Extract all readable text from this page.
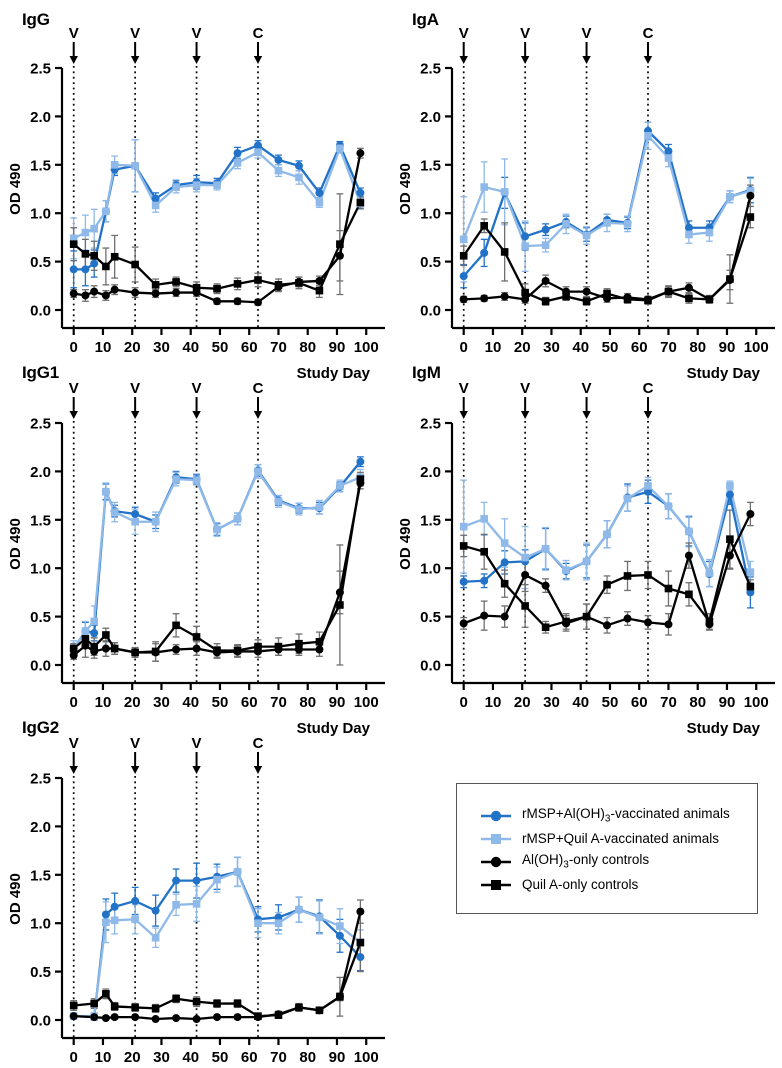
IgG
V	V	V	C
0.0
0.5
1.0
1.5
2.0
2.5
0 10 20 30 40 50 60 70 80 90 100
OD 490
Study Day
IgA
V	V	V	C
0.0
0.5
1.0
1.5
2.0
2.5
0 10 20 30 40 50 60 70 80 90 100
OD 490
Study Day
IgG1
V	V	V	C
0.0
0.5
1.0
1.5
2.0
2.5
0 10 20 30 40 50 60 70 80 90 100
OD 490
Study Day
IgM
V	V	V	C
0.0
0.5
1.0
1.5
2.0
2.5
0 10 20 30 40 50 60 70 80 90 100
OD 490
Study Day
IgG2
V	V	V	C
0.0
0.5
1.0
1.5
2.0
2.5
0 10 20 30 40 50 60 70 80 90 100
OD 490
$rMSP+Al(OH)_3$-vaccinated animals
rMSP+Quil A-vaccinated animals
$Al(OH)_3$-only controls
Quil A-only controls
